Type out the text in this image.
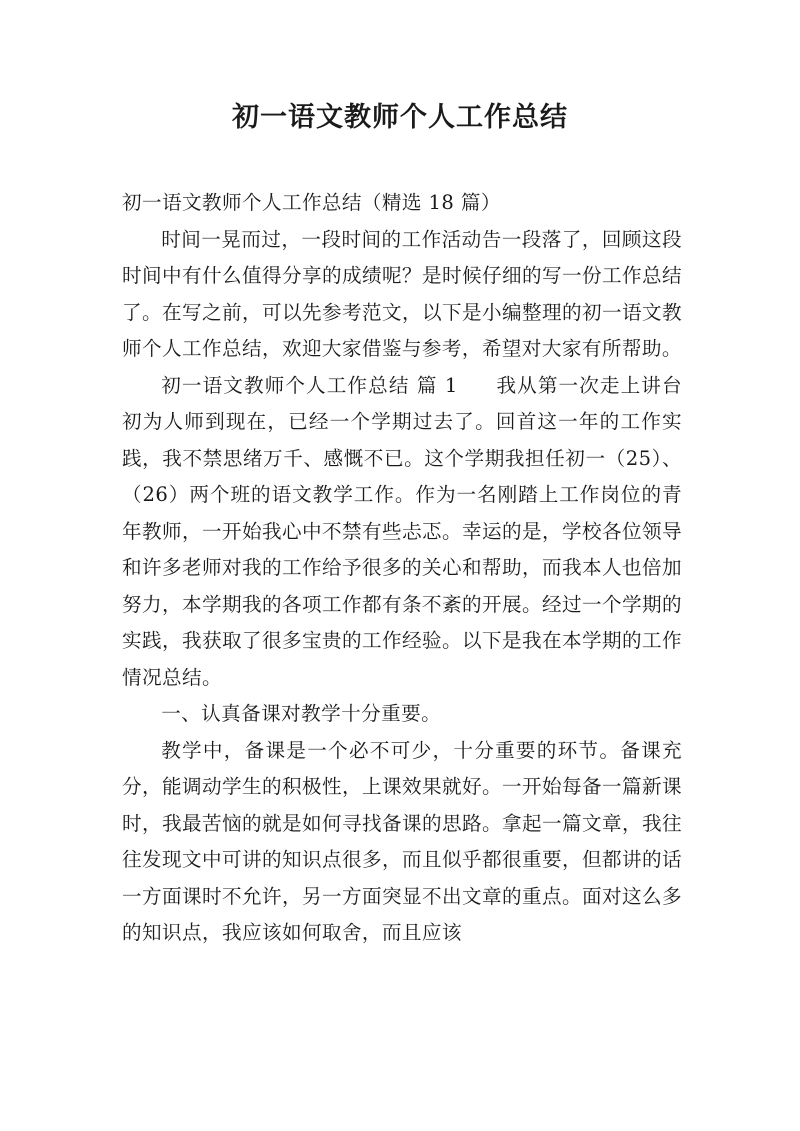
初一语文教师个人工作总结

初一语文教师个人工作总结（精选 18 篇）

时间一晃而过，一段时间的工作活动告一段落了，回顾这段时间中有什么值得分享的成绩呢？是时候仔细的写一份工作总结了。在写之前，可以先参考范文，以下是小编整理的初一语文教师个人工作总结，欢迎大家借鉴与参考，希望对大家有所帮助。

初一语文教师个人工作总结 篇 1 我从第一次走上讲台初为人师到现在，已经一个学期过去了。回首这一年的工作实践，我不禁思绪万千、感慨不已。这个学期我担任初一（25）、（26）两个班的语文教学工作。作为一名刚踏上工作岗位的青年教师，一开始我心中不禁有些忐忑。幸运的是，学校各位领导和许多老师对我的工作给予很多的关心和帮助，而我本人也倍加努力，本学期我的各项工作都有条不紊的开展。经过一个学期的实践，我获取了很多宝贵的工作经验。以下是我在本学期的工作情况总结。

一、认真备课对教学十分重要。

教学中，备课是一个必不可少，十分重要的环节。备课充分，能调动学生的积极性，上课效果就好。一开始每备一篇新课时，我最苦恼的就是如何寻找备课的思路。拿起一篇文章，我往往发现文中可讲的知识点很多，而且似乎都很重要，但都讲的话一方面课时不允许，另一方面突显不出文章的重点。面对这么多的知识点，我应该如何取舍，而且应该
